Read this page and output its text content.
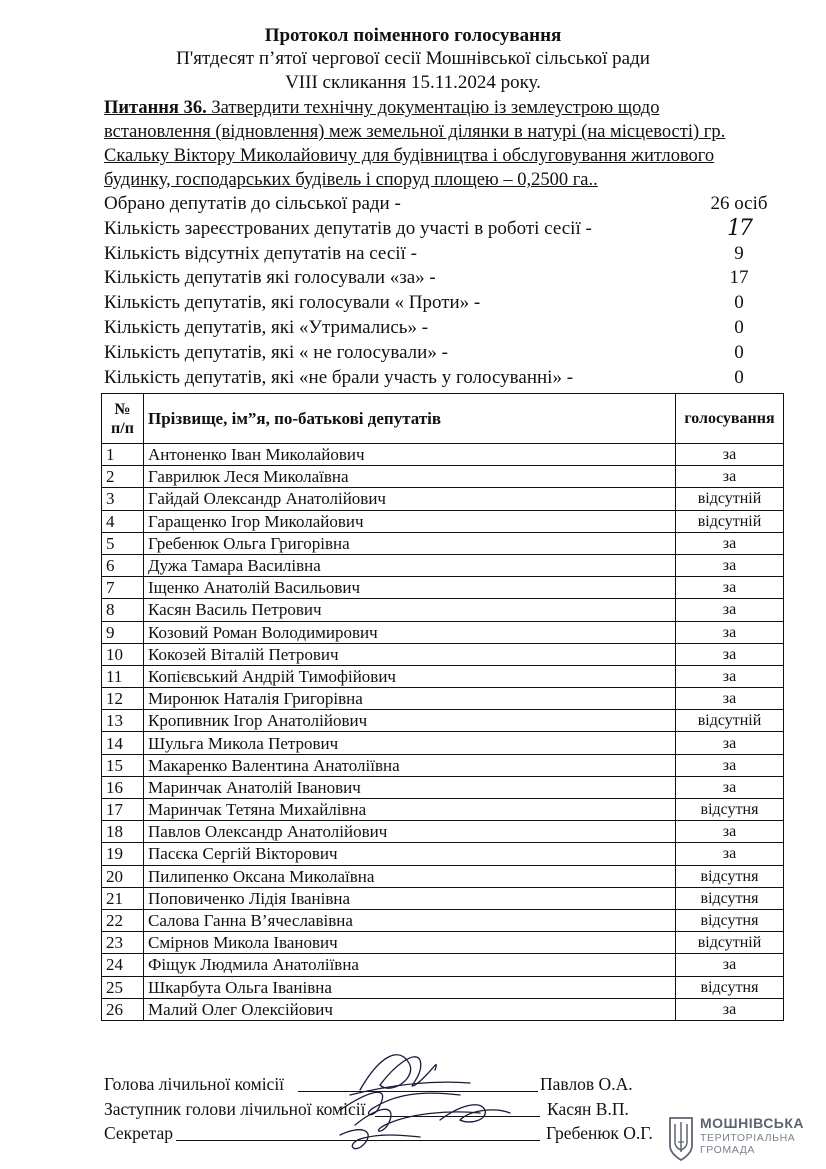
Протокол поіменного голосування
П'ятдесят п’ятої чергової сесії Мошнівської сільської ради
VIII скликання 15.11.2024 року.
Питання 36. Затвердити технічну документацію із землеустрою щодо встановлення (відновлення) меж земельної ділянки в натурі (на місцевості) гр. Скальку Віктору Миколайовичу для будівництва і обслуговування житлового будинку, господарських будівель і споруд площею – 0,2500 га..
Обрано депутатів до сільської ради -	26 осіб
Кількість зареєстрованих депутатів до участі в роботі сесії -	17
Кількість відсутніх депутатів на сесії -	9
Кількість депутатів які голосували «за» -	17
Кількість депутатів, які голосували « Проти» -	0
Кількість депутатів, які «Утримались» -	0
Кількість депутатів, які « не голосували» -	0
Кількість депутатів, які «не брали участь у голосуванні» -	0
№ п/п	Прізвище, ім”я, по-батькові депутатів	голосування
1	Антоненко Іван Миколайович	за
2	Гаврилюк Леся Миколаївна	за
3	Гайдай Олександр Анатолійович	відсутній
4	Гаращенко Ігор Миколайович	відсутній
5	Гребенюк Ольга Григорівна	за
6	Дужа Тамара Василівна	за
7	Іщенко Анатолій Васильович	за
8	Касян Василь Петрович	за
9	Козовий Роман Володимирович	за
10	Кокозей Віталій Петрович	за
11	Копієвський Андрій Тимофійович	за
12	Миронюк Наталія Григорівна	за
13	Кропивник Ігор Анатолійович	відсутній
14	Шульга Микола Петрович	за
15	Макаренко Валентина Анатоліївна	за
16	Маринчак Анатолій Іванович	за
17	Маринчак Тетяна Михайлівна	відсутня
18	Павлов Олександр Анатолійович	за
19	Пасєка Сергій Вікторович	за
20	Пилипенко Оксана Миколаївна	відсутня
21	Поповиченко Лідія Іванівна	відсутня
22	Салова Ганна В’ячеславівна	відсутня
23	Смірнов Микола Іванович	відсутній
24	Фіщук Людмила Анатоліївна	за
25	Шкарбута Ольга Іванівна	відсутня
26	Малий Олег Олексійович	за
Голова лічильної комісії	Павлов О.А.
Заступник голови лічильної комісії	Касян В.П.
Секретар	Гребенюк О.Г.	МОШНІВСЬКА
ТЕРИТОРІАЛЬНА
ГРОМАДА
